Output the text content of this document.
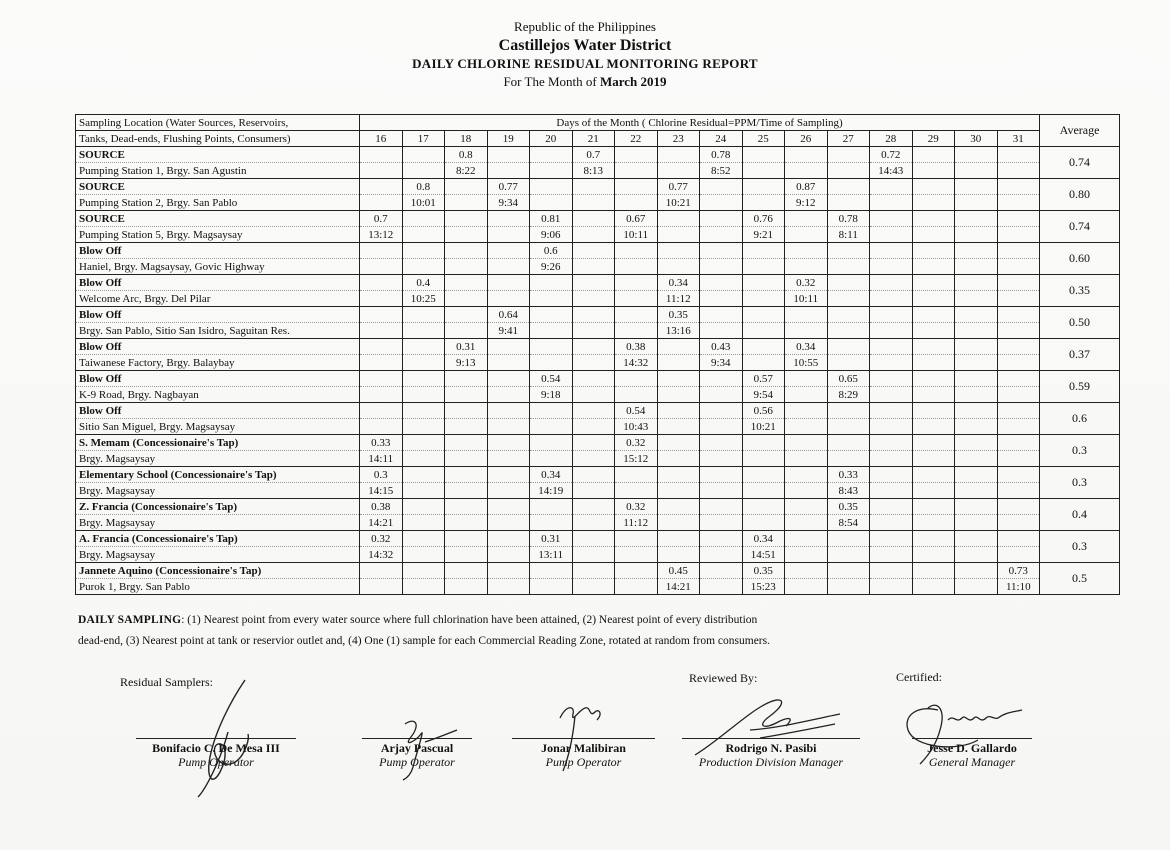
Republic of the Philippines
Castillejos Water District
DAILY CHLORINE RESIDUAL MONITORING REPORT
For The Month of March 2019
Sampling Location (Water Sources, Reservoirs,	Days of the Month ( Chlorine Residual=PPM/Time of Sampling)																Average
Tanks, Dead-ends, Flushing Points, Consumers)	16	17	18	19	20	21	22	23	24	25	26	27	28	29	30	31	
SOURCE			0.8			0.7			0.78				0.72				0.74
Pumping Station 1, Brgy. San Agustin			8:22			8:13			8:52				14:43				
SOURCE		0.8		0.77				0.77			0.87						0.80
Pumping Station 2, Brgy. San Pablo		10:01		9:34				10:21			9:12						
SOURCE	0.7				0.81		0.67			0.76		0.78					0.74
Pumping Station 5, Brgy. Magsaysay	13:12				9:06		10:11			9:21		8:11					
Blow Off					0.6												0.60
Haniel, Brgy. Magsaysay, Govic Highway					9:26												
Blow Off		0.4						0.34			0.32						0.35
Welcome Arc, Brgy. Del Pilar		10:25						11:12			10:11						
Blow Off				0.64				0.35									0.50
Brgy. San Pablo, Sitio San Isidro, Saguitan Res.				9:41				13:16									
Blow Off			0.31				0.38		0.43		0.34						0.37
Taiwanese Factory, Brgy. Balaybay			9:13				14:32		9:34		10:55						
Blow Off					0.54					0.57		0.65					0.59
K-9 Road, Brgy. Nagbayan					9:18					9:54		8:29					
Blow Off							0.54			0.56							0.6
Sitio San Miguel, Brgy. Magsaysay							10:43			10:21							
S. Memam (Concessionaire's Tap)	0.33						0.32										0.3
Brgy. Magsaysay	14:11						15:12										
Elementary School (Concessionaire's Tap)	0.3				0.34							0.33					0.3
Brgy. Magsaysay	14:15				14:19							8:43					
Z. Francia (Concessionaire's Tap)	0.38						0.32					0.35					0.4
Brgy. Magsaysay	14:21						11:12					8:54					
A. Francia (Concessionaire's Tap)	0.32				0.31					0.34							0.3
Brgy. Magsaysay	14:32				13:11					14:51							
Jannete Aquino (Concessionaire's Tap)								0.45		0.35						0.73	0.5
Purok 1, Brgy. San Pablo								14:21		15:23						11:10	
DAILY SAMPLING: (1) Nearest point from every water source where full chlorination have been attained, (2) Nearest point of every distribution
dead-end, (3) Nearest point at tank or reservior outlet and, (4) One (1) sample for each Commercial Reading Zone, rotated at random from consumers.
Residual Samplers:	Reviewed By:	Certified:
Bonifacio C. De Mesa III
Pump Operator
Arjay Pascual
Pump Operator
Jonar Malibiran
Pump Operator
Rodrigo N. Pasibi
Production Division Manager
Jesse D. Gallardo
General Manager
